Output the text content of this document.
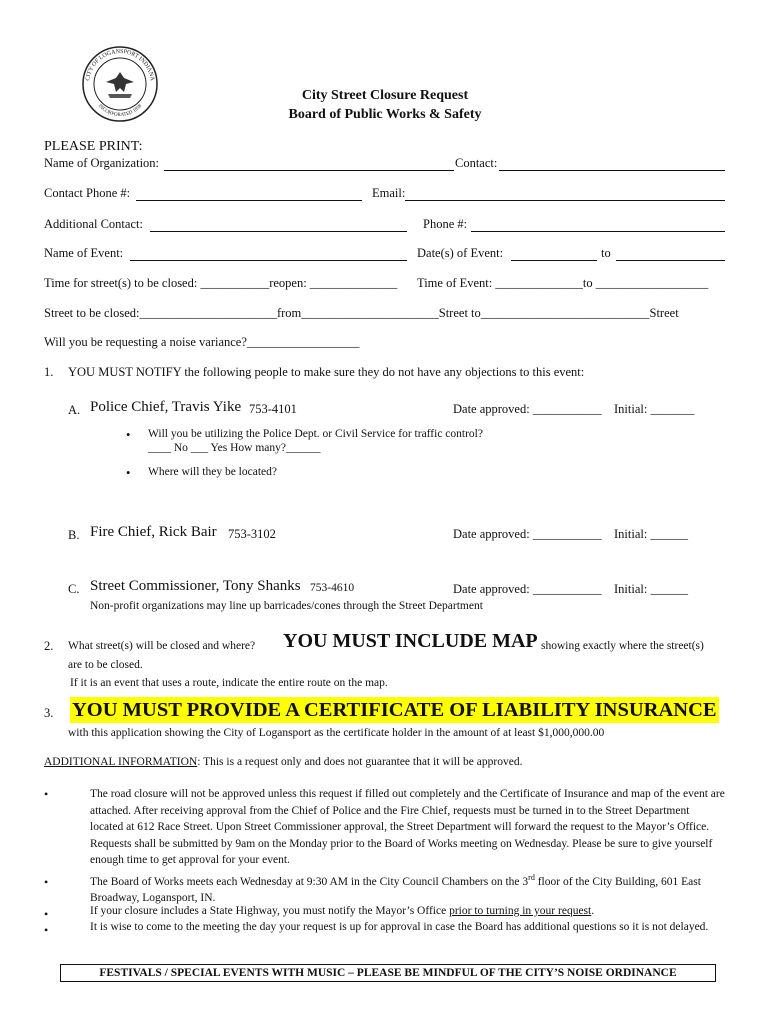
CITY OF LOGANSPORT INDIANA
INCORPORATED 1838
City Street Closure Request
Board of Public Works & Safety
PLEASE PRINT:
Name of Organization:	Contact:
Contact Phone #:	Email:
Additional Contact:	Phone #:
Name of Event:	Date(s) of Event:	to
Time for street(s) to be closed: ___________reopen: ______________ Time of Event: ______________to __________________
Street to be closed:______________________from______________________Street to___________________________Street
Will you be requesting a noise variance?__________________
1. YOU MUST NOTIFY the following people to make sure they do not have any objections to this event:
A. Police Chief, Travis Yike 753-4101	Date approved: ___________ Initial: _______
• Will you be utilizing the Police Dept. or Civil Service for traffic control?
____ No ___ Yes How many?______
• Where will they be located?
B. Fire Chief, Rick Bair 753-3102	Date approved: ___________ Initial: ______
C. Street Commissioner, Tony Shanks 753-4610	Date approved: ___________ Initial: ______
Non-profit organizations may line up barricades/cones through the Street Department
2. What street(s) will be closed and where? YOU MUST INCLUDE MAP showing exactly where the street(s)
are to be closed.
If it is an event that uses a route, indicate the entire route on the map.
3. YOU MUST PROVIDE A CERTIFICATE OF LIABILITY INSURANCE
with this application showing the City of Logansport as the certificate holder in the amount of at least $1,000,000.00
ADDITIONAL INFORMATION: This is a request only and does not guarantee that it will be approved.
•	The road closure will not be approved unless this request if filled out completely and the Certificate of Insurance and map of the event are attached. After receiving approval from the Chief of Police and the Fire Chief, requests must be turned in to the Street Department located at 612 Race Street. Upon Street Commissioner approval, the Street Department will forward the request to the Mayor’s Office. Requests shall be submitted by 9am on the Monday prior to the Board of Works meeting on Wednesday. Please be sure to give yourself enough time to get approval for your event.
•	The Board of Works meets each Wednesday at 9:30 AM in the City Council Chambers on the 3rd floor of the City Building, 601 East Broadway, Logansport, IN.
•	If your closure includes a State Highway, you must notify the Mayor’s Office prior to turning in your request.
•	It is wise to come to the meeting the day your request is up for approval in case the Board has additional questions so it is not delayed.
FESTIVALS / SPECIAL EVENTS WITH MUSIC – PLEASE BE MINDFUL OF THE CITY’S NOISE ORDINANCE
